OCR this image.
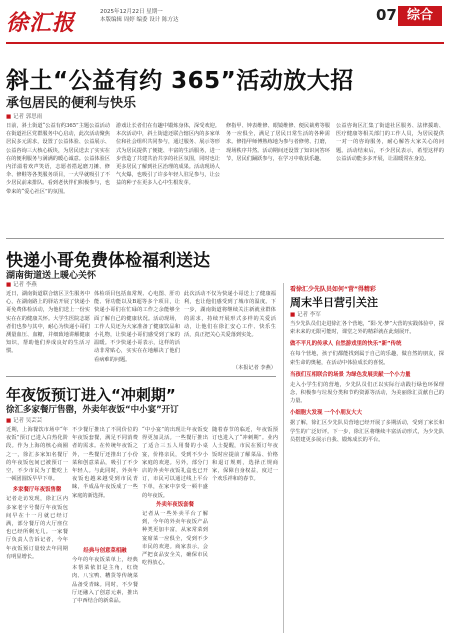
徐汇报	2025年12月22日 星期一
本版编辑 周婷 编委 设计 陈方达	07 综合
斜土“公益有约 365”活动放大招
承包居民的便利与快乐
■ 记者 郭思雨
日前，斜土街道“公益有约365”主题公益活动在街道社区党群服务中心启动，此次活动聚焦居民多元需求，设置了公益体验、公益展示、公益咨询三大核心板块，为居民送去了实实在在的便利服务与满满的暖心诚意。公益体验区内洋溢着欢声笑语，志愿者搭起磨刀摊、修伞、修鞋等各类服务项目，一大早就吸引了不少居民前来排队。看到老伙伴们积极参与，也带来的“爱心社区”的氛围。
游戏让长者们在有趣中锻炼身体，深受欢迎。本次活动中，斜土街道还联合辖区内的多家单位和社会组织共同参与，通过服务、展示等形式为居民提供了便捷、丰富的生活服务，进一步营造了共建共治共享的社区氛围，同时也让更多居民了解到社区治理的成果。活动现场人气火爆，也吸引了许多年轻人驻足参与，让公益的种子在更多人心中生根发芽。
修指甲、钟表维修、眼镜维修、便民裁剪等服务一应俱全，满足了居民日常生活的各种需求。修指甲师傅熟练地为参与者修剪、打磨，现场秩序井然。活动期间还设置了知识问答环节，居民们踊跃参与，在学习中收获乐趣。
公益咨询区汇集了街道社区服务、法律援助、医疗健康等相关部门的工作人员，为居民提供一对一的咨询服务，耐心解答大家关心的问题。活动结束后，不少居民表示，希望这样的公益活动能多多开展，让温暖常在身边。
快递小哥免费体检福利送达
湖南街道送上暖心关怀
■ 记者 李燕
近日，湖南街道联合辖区卫生服务中心，在湖南路上的驿站开展了快递小哥免费体检活动，为他们送上一份实实在在的健康关怀。大学生医院志愿者们也参与其中，耐心为快递小哥们测量血压、血糖，并细致地讲解健康知识，帮助他们养成良好的生活习惯。
体检项目包括血常规、心电图、肝功能、肾功能以及B超等多个项目，让快递小哥们在忙碌的工作之余能够全面了解自己的健康状况。活动现场，工作人员还为大家准备了健康饮品和小礼物，让快递小哥们感受到了家的温暖。不少快递小哥表示，这样的活动非常贴心，实实在在地解决了他们看病难的问题。
此次活动不仅为快递小哥送上了健康福利，也让他们感受到了城市的温度。下一步，湖南街道将继续关注新就业群体的需求，持续开展形式多样的关爱活动，让他们在徐汇安心工作、快乐生活，真正把关心关爱落到实处。
（本报记者 李燕）
年夜饭预订进入“冲刺期”
徐汇多家餐厅售罄，外卖年夜饭“中小宴”开订
■ 记者 吴芸芸
近期，上海餐饮市场中“年夜饭”预订已进入白热化阶段。作为上海的核心商圈之一，徐汇多家知名餐厅的年夜饭包间已被预订一空，不少市民为了能吃上一顿团圆饭早早下单。
多家餐厅年夜饭售罄
记者走访发现，徐汇区内多家老字号餐厅年夜饭包间早在十一月就已经订满，部分餐厅的大厅座位也已经所剩无几。一家餐厅负责人告诉记者，今年年夜饭预订量较去年同期有明显增长。
不少餐厅推出了不同价位的年夜饭套餐，满足不同消费者的需求。在传统年夜饭之外，一些餐厅还推出了小份菜和创意菜品，吸引了不少年轻人。与此同时，外卖年夜饭也越来越受到市民青睐，半成品年夜饭成了一些家庭的新选择。
经典与创意菜相融
今年的年夜饭菜单上，经典本帮菜依旧是主角，红烧肉、八宝鸭、糟货等传统菜品备受青睐。同时，不少餐厅还融入了创意元素，推出了中西结合的新菜品。
“中小宴”的出现让年夜饭变得更加灵活。一些餐厅推出了适合三五人用餐的小桌宴，价格亲民，受到不少小家庭的欢迎。另外，部分门店的外卖年夜饭礼盒也已开订，市民可以通过线上平台下单，在家中享受一顿丰盛的年夜饭。
外卖年夜饭套餐
记者从一些外卖平台了解到，今年的外卖年夜饭产品种类更加丰富，从家常菜到宴席菜一应俱全，受到不少市民的欢迎。商家表示，会严把食品安全关，确保市民吃得放心。
随着春节的临近，年夜饭预订也进入了“冲刺期”。业内人士提醒，市民在预订年夜饭时应提前了解菜品、价格和退订规则，选择正规商家，保障自身权益，度过一个欢乐祥和的春节。
看徐汇少先队员如何“营”得精彩
周末半日营引关注
■ 记者 李军
当少先队员们走进徐汇各个营地，“阳·光·梦”大营的实践体验中，探索未来的无限可能时，课堂之外的精彩就在此刻展开。
做不平凡的传承人 自然游戏里的快乐“新”传统
在每个营地，孩子们都能找到属于自己的乐趣，做自然的朋友，探索生命的奥秘，在活动中体验成长的喜悦。
当孩们互相联合的场景 为绿色发展贡献一个小力量
走入小学生们的营地，少先队员们正以实际行动践行绿色环保理念，积极参与垃圾分类和节约资源等活动，为美丽徐汇贡献自己的力量。
小细胞大发现 一个小朋友大大
据了解，徐汇区少先队员营地已经开展了多期活动，受到了家长和学生的广泛好评。下一步，徐汇区将继续丰富活动形式，为少先队员搭建更多展示自我、锻炼成长的平台。
